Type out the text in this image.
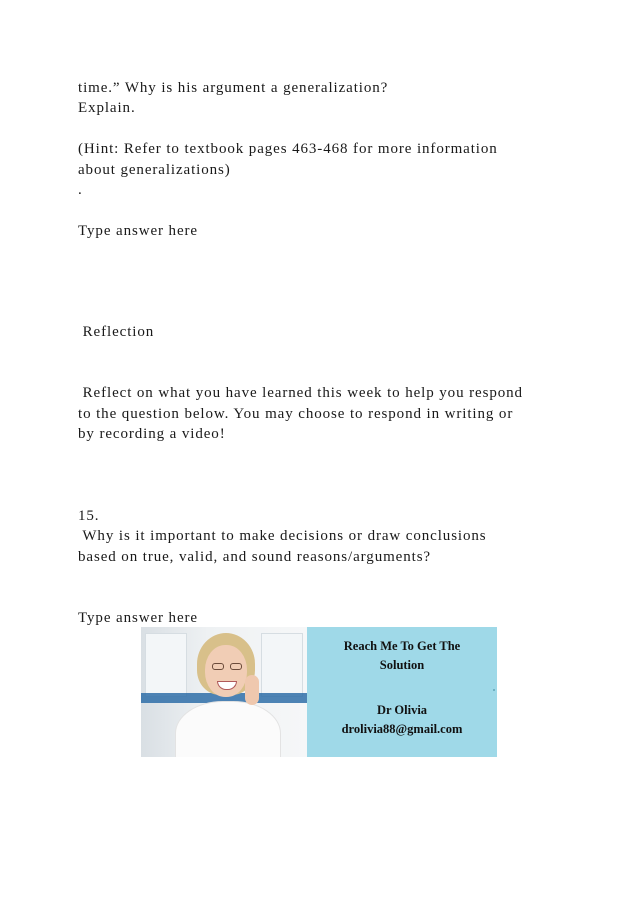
time.” Why is his argument a generalization?
Explain.
(Hint: Refer to textbook pages 463-468 for more information
about generalizations)
.
Type answer here
Reflection
Reflect on what you have learned this week to help you respond
to the question below. You may choose to respond in writing or
by recording a video!
15.
Why is it important to make decisions or draw conclusions
based on true, valid, and sound reasons/arguments?
Type answer here
Reach Me To Get The
Solution
Dr Olivia
drolivia88@gmail.com
